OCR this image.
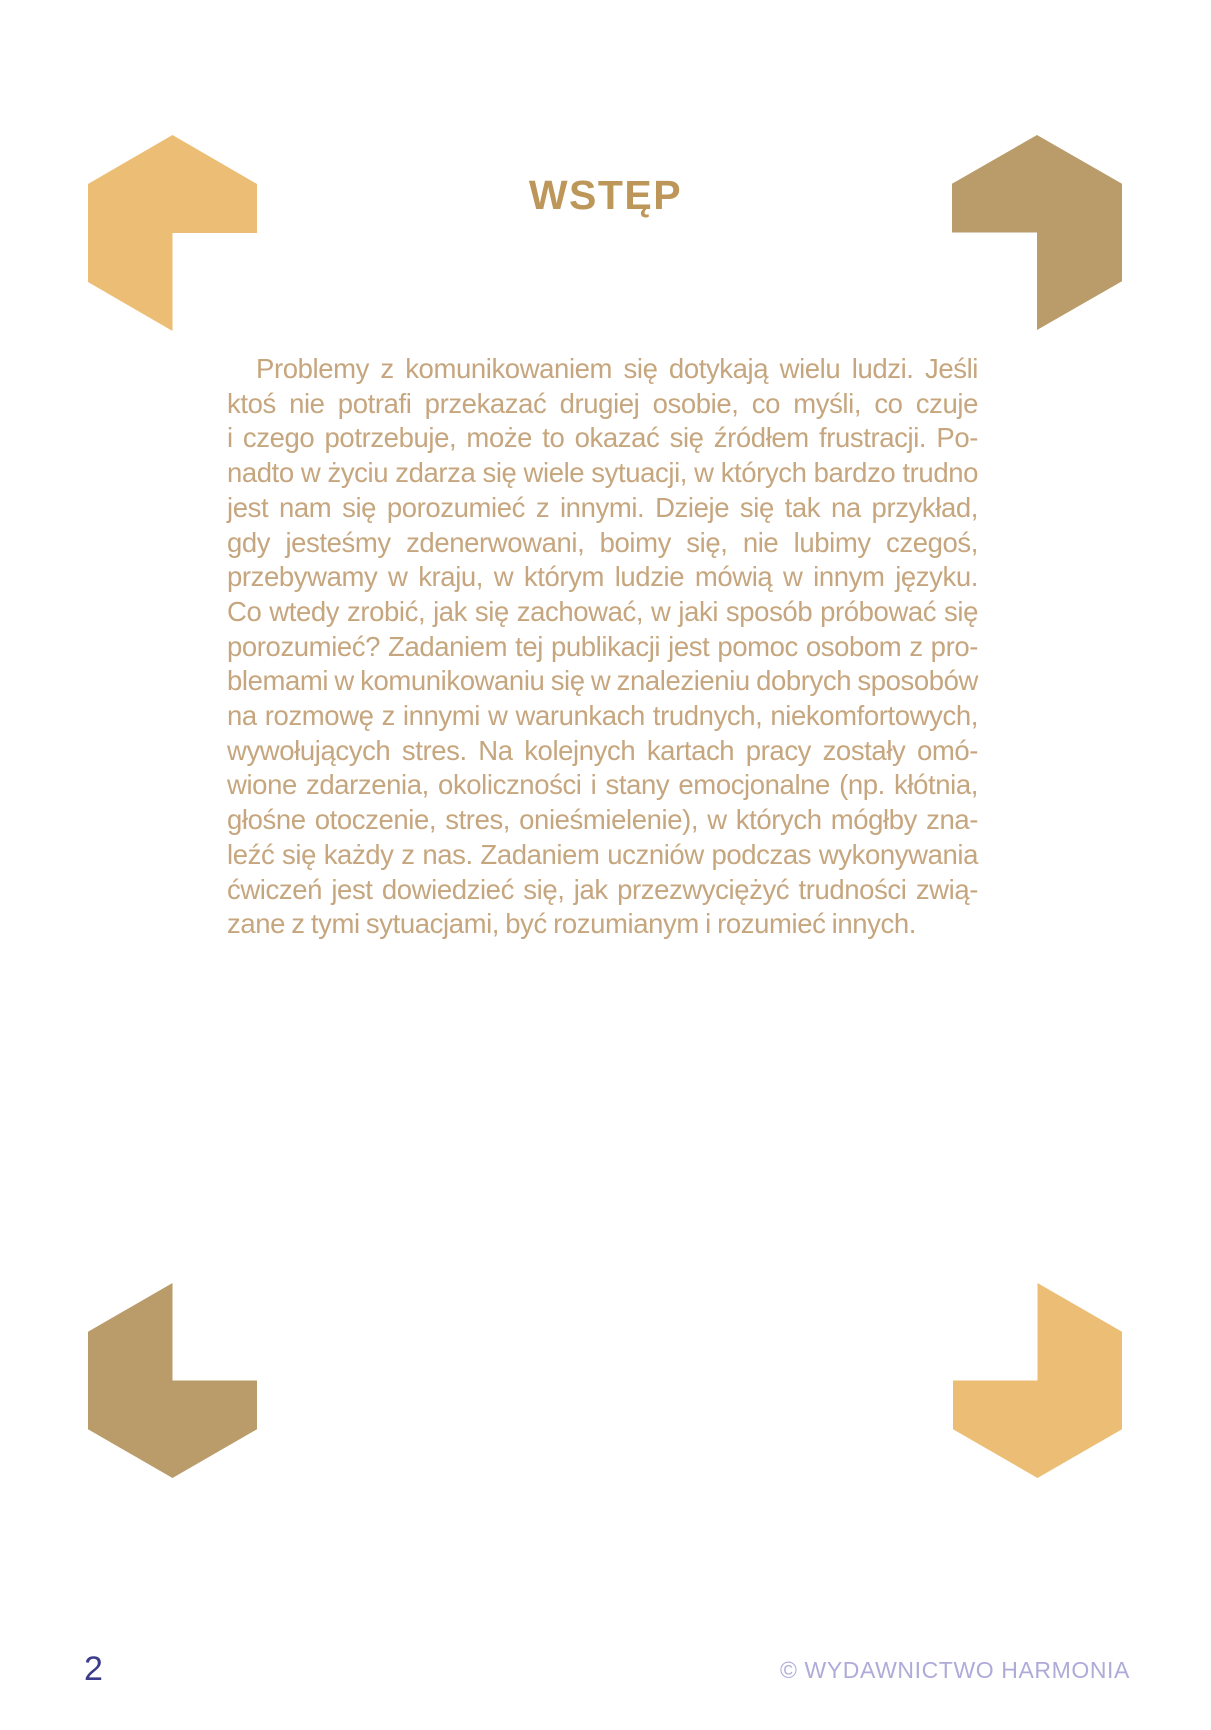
WSTĘP
Problemy z komunikowaniem się dotykają wielu ludzi. Jeśli
ktoś nie potrafi przekazać drugiej osobie, co myśli, co czuje
i czego potrzebuje, może to okazać się źródłem frustracji. Po-
nadto w życiu zdarza się wiele sytuacji, w których bardzo trudno
jest nam się porozumieć z innymi. Dzieje się tak na przykład,
gdy jesteśmy zdenerwowani, boimy się, nie lubimy czegoś,
przebywamy w kraju, w którym ludzie mówią w innym języku.
Co wtedy zrobić, jak się zachować, w jaki sposób próbować się
porozumieć? Zadaniem tej publikacji jest pomoc osobom z pro-
blemami w komunikowaniu się w znalezieniu dobrych sposobów
na rozmowę z innymi w warunkach trudnych, niekomfortowych,
wywołujących stres. Na kolejnych kartach pracy zostały omó-
wione zdarzenia, okoliczności i stany emocjonalne (np. kłótnia,
głośne otoczenie, stres, onieśmielenie), w których mógłby zna-
leźć się każdy z nas. Zadaniem uczniów podczas wykonywania
ćwiczeń jest dowiedzieć się, jak przezwyciężyć trudności zwią-
zane z tymi sytuacjami, być rozumianym i rozumieć innych.
2	© WYDAWNICTWO HARMONIA
